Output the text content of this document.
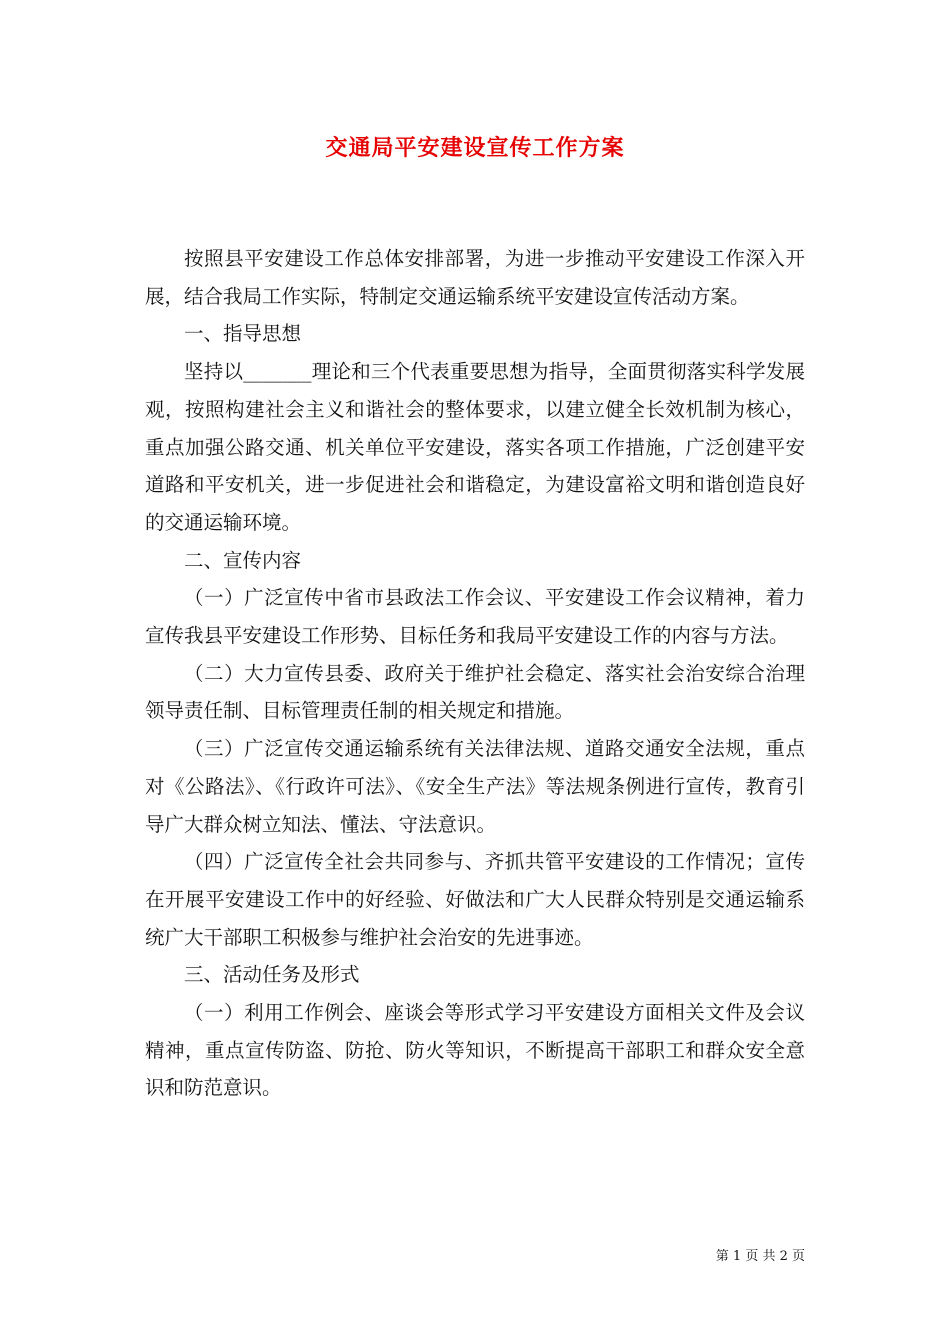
交通局平安建设宣传工作方案

按照县平安建设工作总体安排部署，为进一步推动平安建设工作深入开展，结合我局工作实际，特制定交通运输系统平安建设宣传活动方案。

一、指导思想

坚持以_______理论和三个代表重要思想为指导，全面贯彻落实科学发展观，按照构建社会主义和谐社会的整体要求，以建立健全长效机制为核心，重点加强公路交通、机关单位平安建设，落实各项工作措施，广泛创建平安道路和平安机关，进一步促进社会和谐稳定，为建设富裕文明和谐创造良好的交通运输环境。

二、宣传内容

（一）广泛宣传中省市县政法工作会议、平安建设工作会议精神，着力宣传我县平安建设工作形势、目标任务和我局平安建设工作的内容与方法。

（二）大力宣传县委、政府关于维护社会稳定、落实社会治安综合治理领导责任制、目标管理责任制的相关规定和措施。

（三）广泛宣传交通运输系统有关法律法规、道路交通安全法规，重点对《公路法》、《行政许可法》、《安全生产法》等法规条例进行宣传，教育引导广大群众树立知法、懂法、守法意识。

（四）广泛宣传全社会共同参与、齐抓共管平安建设的工作情况；宣传在开展平安建设工作中的好经验、好做法和广大人民群众特别是交通运输系统广大干部职工积极参与维护社会治安的先进事迹。

三、活动任务及形式

（一）利用工作例会、座谈会等形式学习平安建设方面相关文件及会议精神，重点宣传防盗、防抢、防火等知识，不断提高干部职工和群众安全意识和防范意识。

第 1 页 共 2 页
